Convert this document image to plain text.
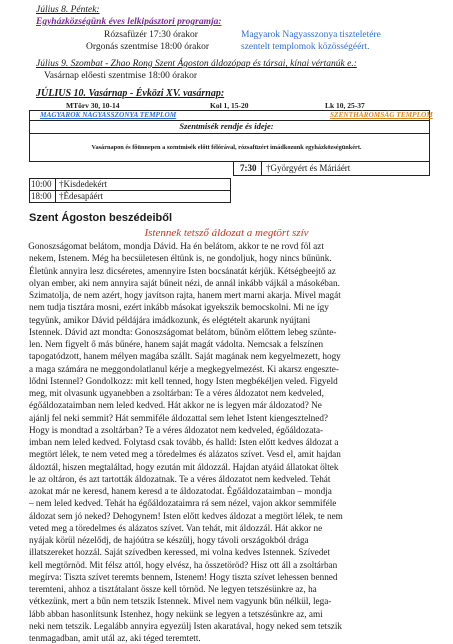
Július 8. Péntek:
Egyházközségünk éves lelkipásztori programja:
Rózsafüzér 17:30 órakor
Orgonás szentmise 18:00 órakor
Magyarok Nagyasszonya tiszteletére
szentelt templomok közösségéért.
Július 9. Szombat - Zhao Rong Szent Ágoston áldozópap és társai, kínai vértanúk e.:
Vasárnap előesti szentmise 18:00 órakor
JÚLIUS 10. Vasárnap - Évközi XV. vasárnap:
MTörv 30, 10-14	Kol 1, 15-20	Lk 10, 25-37
MAGYAROK NAGYASSZONYA TEMPLOM	SZENTHÁROMSÁG TEMPLOM
Szentmisék rendje és ideje:
Vasárnapon és főünnepen a szentmisék előtt félórával, rózsafüzért imádkozunk egyházközségünkért.
7:30 †Györgyért és Máriáért
10:00 †Kisdedekért
18:00 †Édesapáért
Szent Ágoston beszédeiből
Istennek tetsző áldozat a megtört szív
 Gonoszságomat belátom, mondja Dávid. Ha én belátom, akkor te ne rovd föl azt
nekem, Istenem. Még ha becsületesen éltünk is, ne gondoljuk, hogy nincs bűnünk.
Életünk annyira lesz dicséretes, amennyire Isten bocsánatát kérjük. Kétségbeejtő az
olyan ember, aki nem annyira saját bűneit nézi, de annál inkább vájkál a másokéban.
Szimatolja, de nem azért, hogy javítson rajta, hanem mert marni akarja. Mivel magát
nem tudja tisztára mosni, ezért inkább másokat igyekszik bemocskolni. Mi ne így
tegyünk, amikor Dávid példájára imádkozunk, és elégtételt akarunk nyújtani
Istennek. Dávid azt mondta: Gonoszságomat belátom, bűnöm előttem lebeg szünte-
len. Nem figyelt ő más bűnére, hanem saját magát vádolta. Nemcsak a felszínen
tapogatódzott, hanem mélyen magába szállt. Saját magának nem kegyelmezett, hogy
a maga számára ne meggondolatlanul kérje a megkegyelmezést. Ki akarsz engeszte-
lődni Istennel? Gondolkozz: mit kell tenned, hogy Isten megbékéljen veled. Figyeld
meg, mit olvasunk ugyanebben a zsoltárban: Te a véres áldozatot nem kedveled,
égőáldozataimban nem leled kedved. Hát akkor ne is legyen már áldozatod? Ne
ajánlj fel neki semmit? Hát semmiféle áldozattal sem lehet Istent kiengesztelned?
Hogy is mondtad a zsoltárban? Te a véres áldozatot nem kedveled, égőáldozata-
imban nem leled kedved. Folytasd csak tovább, és halld: Isten előtt kedves áldozat a
megtört lélek, te nem veted meg a töredelmes és alázatos szívet. Vesd el, amit hajdan
áldoztál, hiszen megtaláltad, hogy ezután mit áldozzál. Hajdan atyáid állatokat öltek
le az oltáron, és azt tartották áldozatnak. Te a véres áldozatot nem kedveled. Tehát
azokat már ne keresd, hanem keresd a te áldozatodat. Égőáldozataimban – mondja
– nem leled kedved. Tehát ha égőáldozataimra rá sem nézel, vajon akkor semmiféle
áldozat sem jó neked? Dehogynem! Isten előtt kedves áldozat a megtört lélek, te nem
veted meg a töredelmes és alázatos szívet. Van tehát, mit áldozzál. Hát akkor ne
nyájak körül nézelődj, de hajóútra se készülj, hogy távoli országokból drága
illatszereket hozzál. Saját szívedben keressed, mi volna kedves Istennek. Szívedet
kell megtörnöd. Mit félsz attól, hogy elvész, ha összetöröd? Hisz ott áll a zsoltárban
megírva: Tiszta szívet teremts bennem, Istenem! Hogy tiszta szívet lehessen benned
teremteni, ahhoz a tisztátalant össze kell törnöd. Ne legyen tetszésünkre az, ha
vétkezünk, mert a bűn nem tetszik Istennek. Mivel nem vagyunk bűn nélkül, lega-
lább abban hasonlítsunk Istenhez, hogy nekünk se legyen a tetszésünkre az, ami
neki nem tetszik. Legalább annyira egyezülj Isten akaratával, hogy neked sem tetszik
tenmagadban, amit utál az, aki téged teremtett.
